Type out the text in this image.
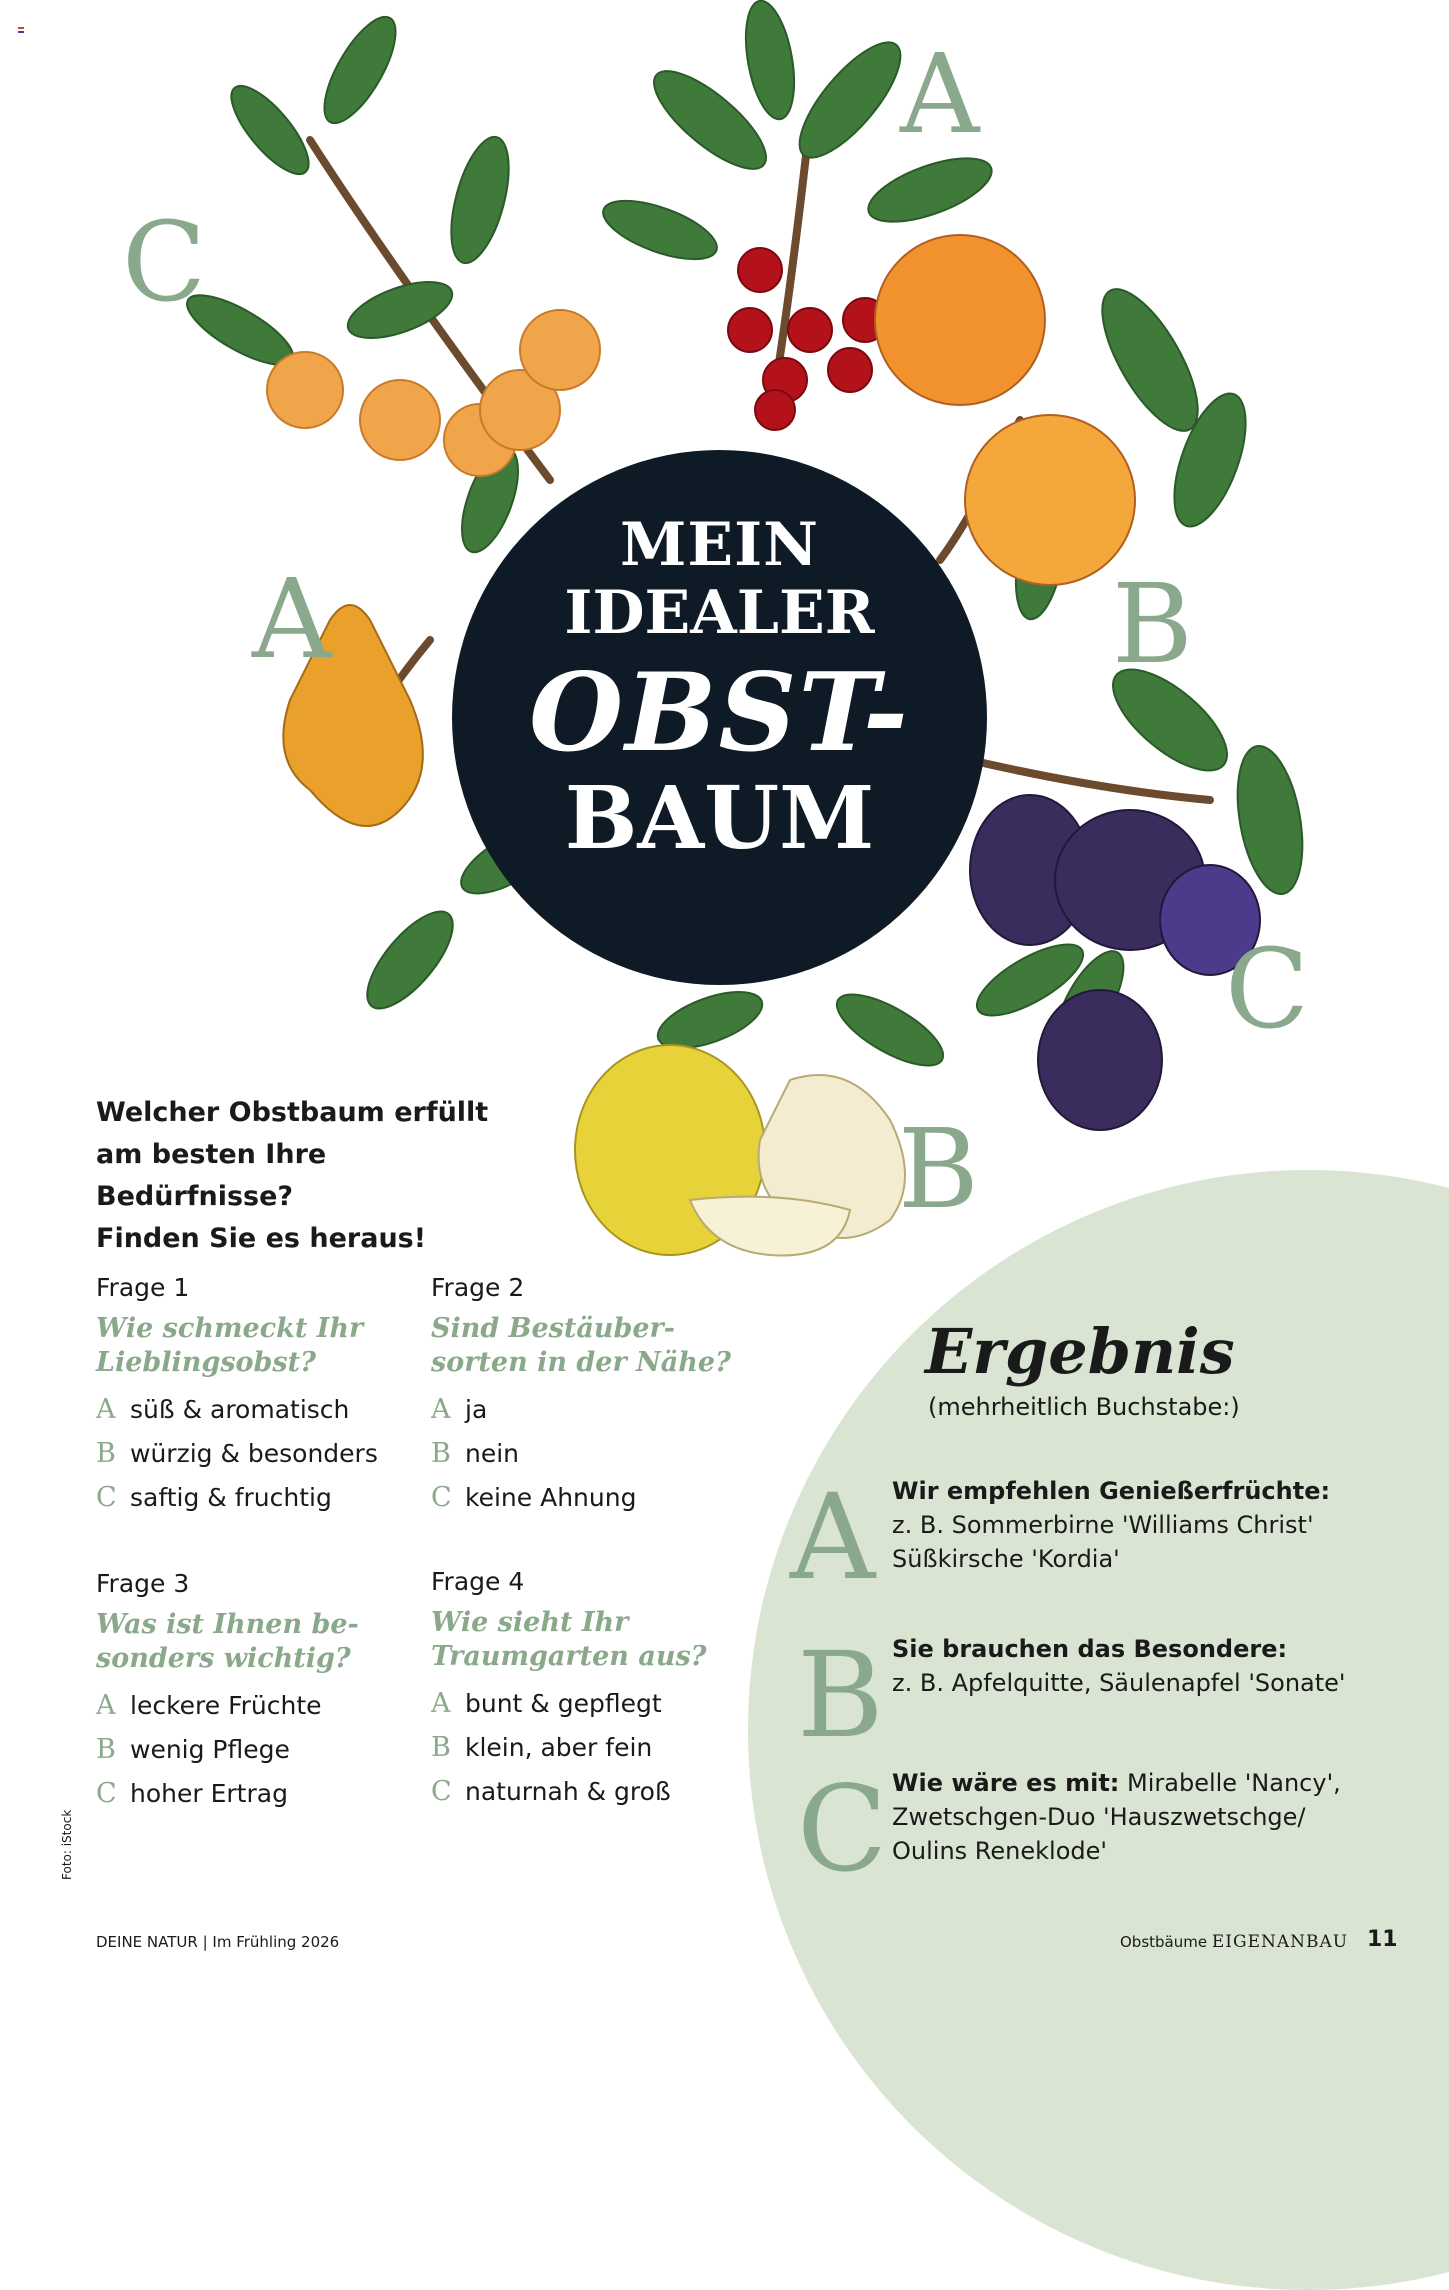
A
C
A	B
C
B
MEIN
IDEALER
OBST-
BAUM
Welcher Obstbaum erfüllt
am besten Ihre Bedürfnisse?
Finden Sie es heraus!
Frage 1
Wie schmeckt Ihr
Lieblingsobst?
A süß & aromatisch
B würzig & besonders
C saftig & fruchtig
Frage 2
Sind Bestäuber-
sorten in der Nähe?
A ja
B nein
C keine Ahnung
Frage 3
Was ist Ihnen be-
sonders wichtig?
A leckere Früchte
B wenig Pflege
C hoher Ertrag
Frage 4
Wie sieht Ihr
Traumgarten aus?
A bunt & gepflegt
B klein, aber fein
C naturnah & groß
Ergebnis
(mehrheitlich Buchstabe:)
A Wir empfehlen Genießerfrüchte:
z. B. Sommerbirne 'Williams Christ'
Süßkirsche 'Kordia'
B Sie brauchen das Besondere:
z. B. Apfelquitte, Säulenapfel 'Sonate'
C Wie wäre es mit: Mirabelle 'Nancy',
Zwetschgen-Duo 'Hauszwetschge/
Oulins Reneklode'
Foto: iStock
DEINE NATUR | Im Frühling 2026	Obstbäume EIGENANBAU 11
